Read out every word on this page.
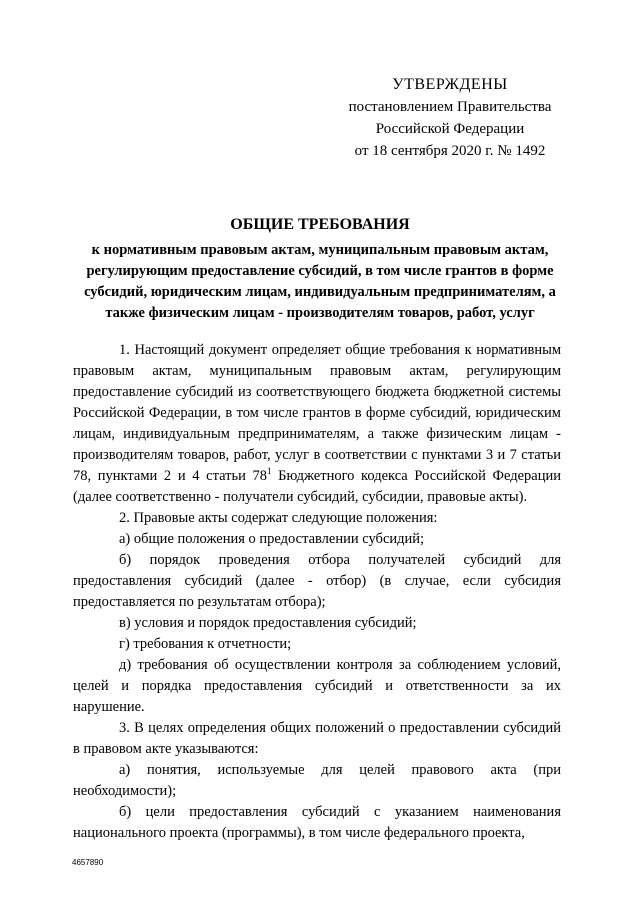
УТВЕРЖДЕНЫ
постановлением Правительства
Российской Федерации
от 18 сентября 2020 г. № 1492
ОБЩИЕ ТРЕБОВАНИЯ
к нормативным правовым актам, муниципальным правовым актам, регулирующим предоставление субсидий, в том числе грантов в форме субсидий, юридическим лицам, индивидуальным предпринимателям, а также физическим лицам - производителям товаров, работ, услуг

1. Настоящий документ определяет общие требования к нормативным правовым актам, муниципальным правовым актам, регулирующим предоставление субсидий из соответствующего бюджета бюджетной системы Российской Федерации, в том числе грантов в форме субсидий, юридическим лицам, индивидуальным предпринимателям, а также физическим лицам - производителям товаров, работ, услуг в соответствии с пунктами 3 и 7 статьи 78, пунктами 2 и 4 статьи $78^1$ Бюджетного кодекса Российской Федерации (далее соответственно - получатели субсидий, субсидии, правовые акты).

2. Правовые акты содержат следующие положения:

а) общие положения о предоставлении субсидий;

б) порядок проведения отбора получателей субсидий для предоставления субсидий (далее - отбор) (в случае, если субсидия предоставляется по результатам отбора);

в) условия и порядок предоставления субсидий;

г) требования к отчетности;

д) требования об осуществлении контроля за соблюдением условий, целей и порядка предоставления субсидий и ответственности за их нарушение.

3. В целях определения общих положений о предоставлении субсидий в правовом акте указываются:

а) понятия, используемые для целей правового акта (при необходимости);

б) цели предоставления субсидий с указанием наименования национального проекта (программы), в том числе федерального проекта,

4657890
